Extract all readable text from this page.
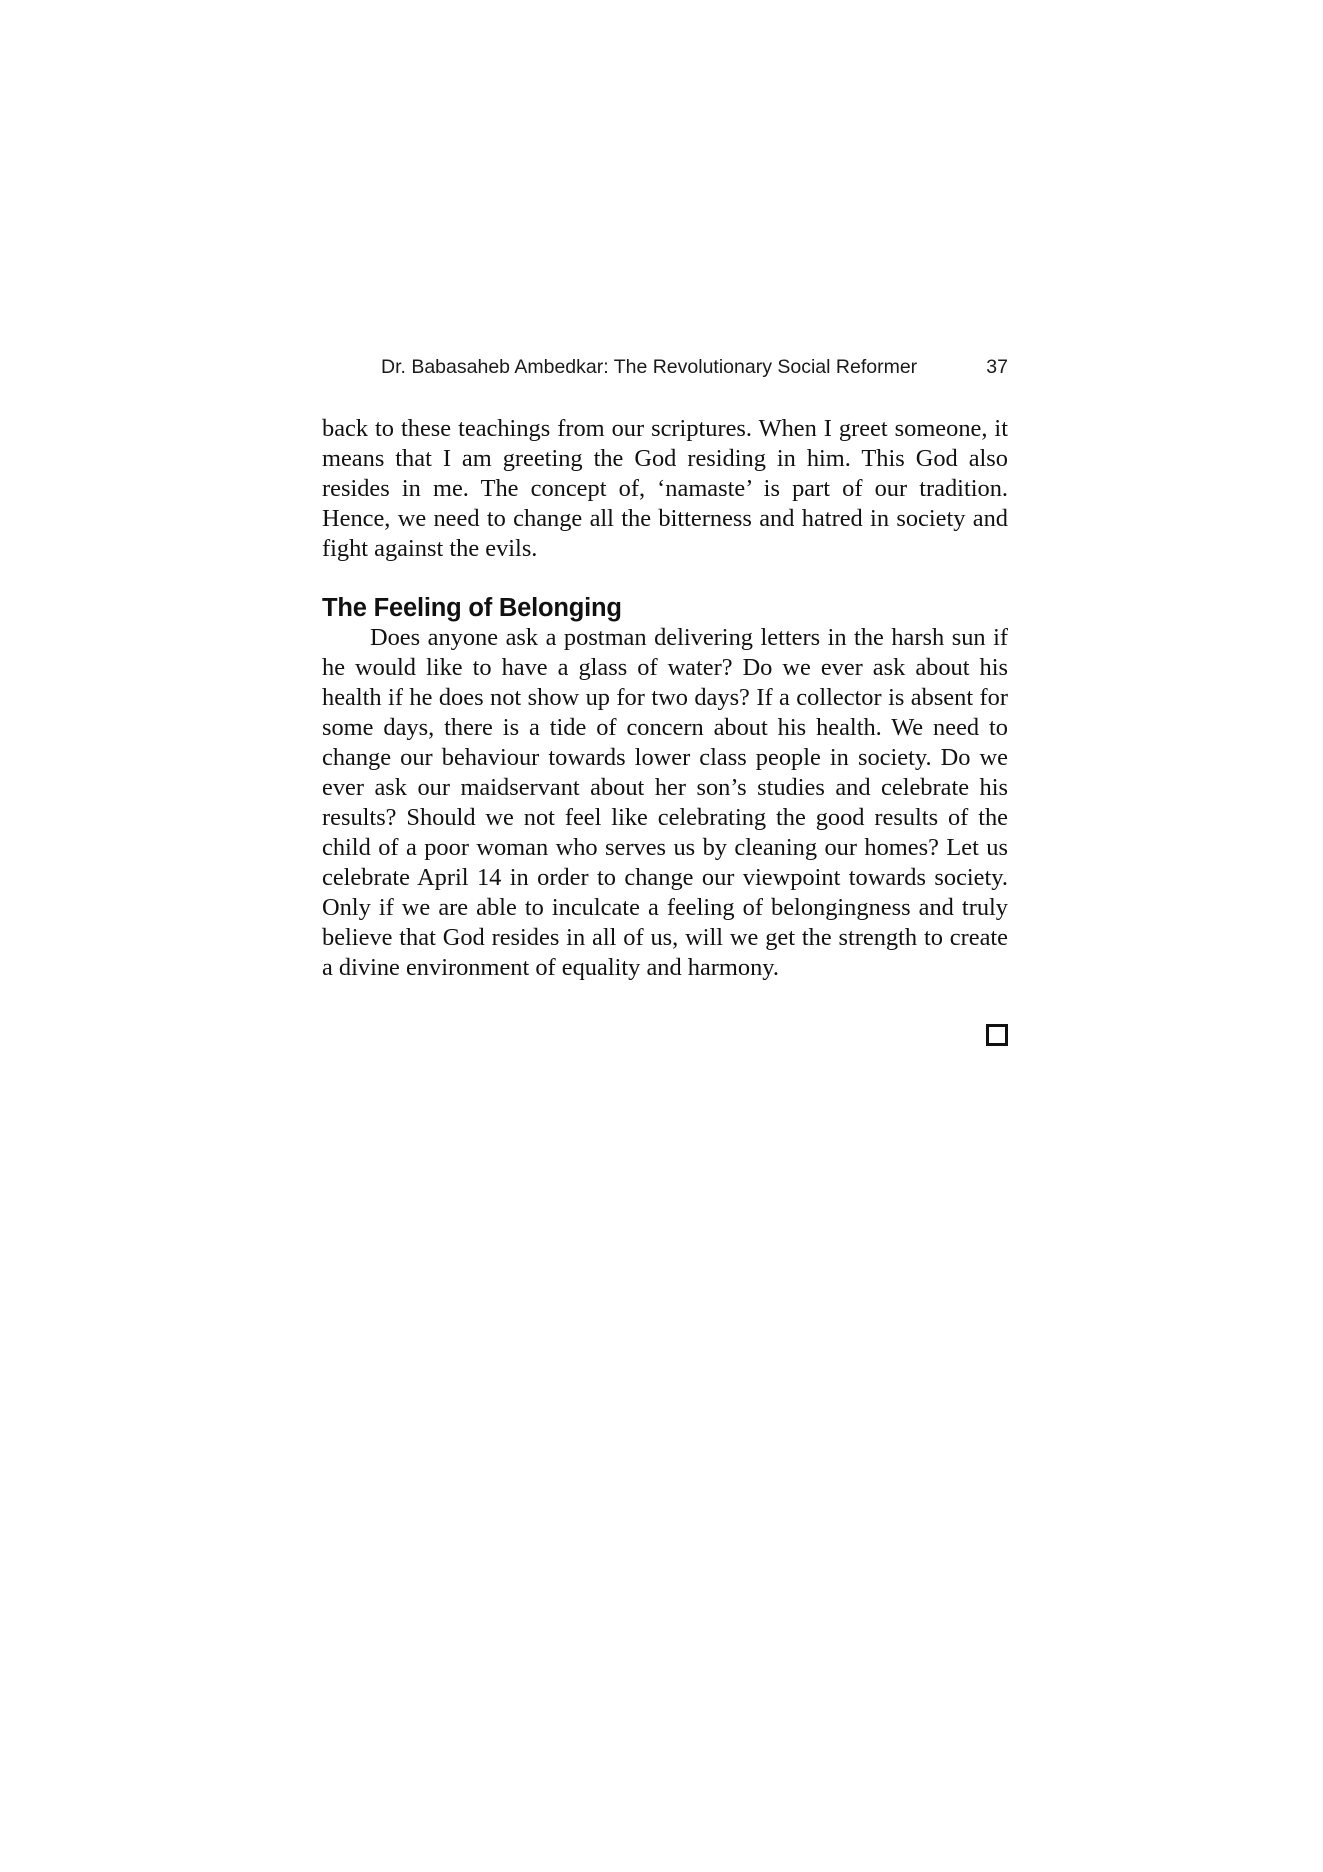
Dr. Babasaheb Ambedkar: The Revolutionary Social Reformer	37

back to these teachings from our scriptures. When I greet someone, it means that I am greeting the God residing in him. This God also resides in me. The concept of, ‘namaste’ is part of our tradition. Hence, we need to change all the bitterness and hatred in society and fight against the evils.

The Feeling of Belonging

Does anyone ask a postman delivering letters in the harsh sun if he would like to have a glass of water? Do we ever ask about his health if he does not show up for two days? If a collector is absent for some days, there is a tide of concern about his health. We need to change our behaviour towards lower class people in society. Do we ever ask our maidservant about her son’s studies and celebrate his results? Should we not feel like celebrating the good results of the child of a poor woman who serves us by cleaning our homes? Let us celebrate April 14 in order to change our viewpoint towards society. Only if we are able to inculcate a feeling of belongingness and truly believe that God resides in all of us, will we get the strength to create a divine environment of equality and harmony.
